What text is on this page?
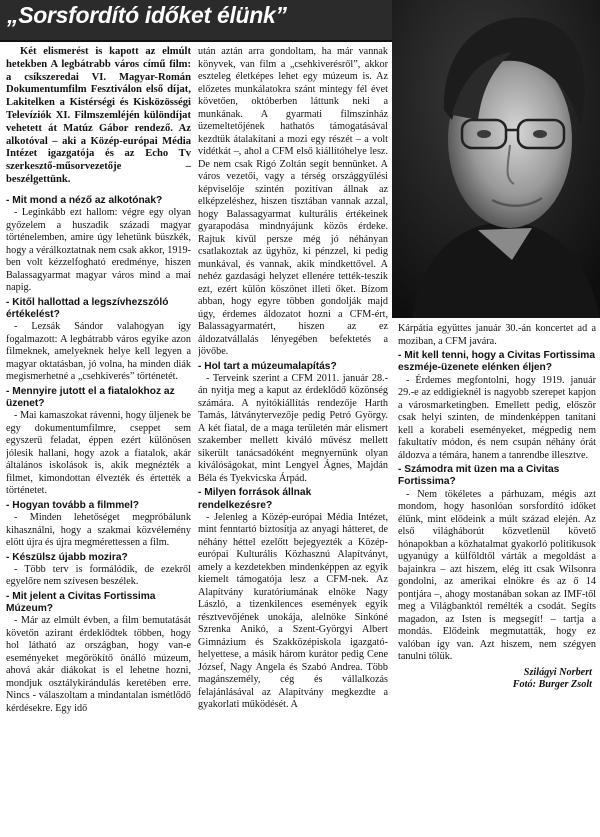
„Sorsfordító időket élünk”

Két elismerést is kapott az elmúlt hetekben A legbátrabb város című film: a csíkszeredai VI. Magyar-Román Dokumentumfilm Fesztiválon első díjat, Lakitelken a Kistérségi és Kisközösségi Televíziók XI. Filmszemléjén különdíjat vehetett át Matúz Gábor rendező. Az alkotóval – aki a Közép-európai Média Intézet igazgatója és az Echo Tv szerkesztő-műsorvezetője – beszélgettünk.

- Mit mond a néző az alkotónak?

- Leginkább ezt hallom: végre egy olyan győzelem a huszadik századi magyar történelemben, amire úgy lehetünk büszkék, hogy a vérálkoztatnak nem csak akkor, 1919-ben volt kézzelfogható eredménye, hiszen Balassagyarmat magyar város mind a mai napig.

- Kitől hallottad a legszívhezszóló értékelést?

- Lezsák Sándor valahogyan így fogalmazott: A legbátrabb város egyike azon filmeknek, amelyeknek helye kell legyen a magyar oktatásban, jó volna, ha minden diák megismerhetné a „csehkiverés” történetét.

- Mennyire jutott el a fiatalokhoz az üzenet?

- Mai kamaszokat rávenni, hogy üljenek be egy dokumentumfilmre, cseppet sem egyszerű feladat, éppen ezért különösen jólesik hallani, hogy azok a fiatalok, akár általános iskolások is, akik megnézték a filmet, kimondottan élvezték és értették a történetet.

- Hogyan tovább a filmmel?

- Minden lehetőséget megpróbálunk kihasználni, hogy a szakmai közvélemény elött újra és újra megmérettessen a film.

- Készülsz újabb mozira?

- Több terv is formálódik, de ezekről egyelőre nem szívesen beszélek.

- Mit jelent a Civitas Fortissima Múzeum?

- Már az elmúlt évben, a film bemutatását követőn azirant érdeklődtek többen, hogy hol látható az országban, hogy van-e eseményeket megörökítő önálló múzeum, ahová akár diákokat is el lehetne hozni, mondjuk osztálykirándulás keretében erre. Nincs - válaszoltam a mindantalan ismétlődő kérdésekre. Egy idő

után aztán arra gondoltam, ha már vannak könyvek, van film a „csehkiverésről”, akkor eszteleg életképes lehet egy múzeum is. Az előzetes munkálatokra szánt mintegy fél évet követően, októberben láttunk neki a munkának. A gyarmati filmszínház üzemeltetőjének hathatós támogatásával kezdtük átalakítani a mozi egy részét – a volt vidétkát –, ahol a CFM első kiállítóhelye lesz. De nem csak Rigó Zoltán segít bennünket. A város vezetői, vagy a térség országgyűlési képviselője szintén pozitívan állnak az elképzeléshez, hiszen tisztában vannak azzal, hogy Balassagyarmat kulturális értékeinek gyarapodása mindnyájunk közös érdeke. Rajtuk kívül persze még jó néhányan csatlakoztak az ügyhöz, ki pénzzel, ki pedig munkával, és vannak, akik mindkettővel. A nehéz gazdasági helyzet ellenére tették-teszik ezt, ezért külön köszönet illeti őket. Bízom abban, hogy egyre többen gondolják majd úgy, érdemes áldozatot hozni a CFM-ért, Balassagyarmatért, hiszen az ez áldozatvállalás lényegében befektetés a jövőbe.

- Hol tart a múzeumalapítás?

- Terveink szerint a CFM 2011. január 28.-án nyitja meg a kaput az érdeklődő közönség számára. A nyitókiállítás rendezője Harth Tamás, látványtervezője pedig Petró György. A két fiatal, de a maga területén már elismert szakember mellett kiváló művész mellett sikerült tanácsadóként megnyernünk olyan kiválóságokat, mint Lengyel Ágnes, Majdán Béla és Tyekvicska Árpád.

- Milyen források állnak rendelkezésre?

- Jelenleg a Közép-európai Média Intézet, mint fenntartó biztosítja az anyagi hátteret, de néhány héttel ezelőtt bejegyezték a Közép-európai Kulturális Közhasznú Alapítványt, amely a kezdetekben mindenképpen az egyik kiemelt támogatója lesz a CFM-nek. Az Alapítvány kuratóriumának elnöke Nagy László, a tizenkilences események egyik résztvevőjének unokája, alelnöke Sinkóné Szrenka Anikó, a Szent-Györgyi Albert Gimnázium és Szakközépiskola igazgató-helyettese, a másik három kurátor pedig Cene József, Nagy Angela és Szabó Andrea. Több magánszemély, cég és vállalkozás felajánlásával az Alapítvány megkezdte a gyakorlati működését. A

Kárpátia együttes január 30.-án koncertet ad a moziban, a CFM javára.

- Mit kell tenni, hogy a Civitas Fortissima eszméje-üzenete elénken éljen?

- Érdemes megfontolni, hogy 1919. január 29.-e az eddigieknél is nagyobb szerepet kapjon a városmarketingben. Emellett pedig, először csak helyi szinten, de mindenképpen tanítani kell a korabeli eseményeket, mégpedig nem fakultatív módon, és nem csupán néhány órát áldozva a témára, hanem a tanrendbe illesztve.

- Számodra mit üzen ma a Civitas Fortissima?

- Nem tökéletes a párhuzam, mégis azt mondom, hogy hasonlóan sorsfordító időket élünk, mint elődeink a múlt század elején. Az első világháborút közvetlenül követő hónapokban a közhatalmat gyakorló politikusok ugyanúgy a külföldtől várták a megoldást a bajainkra – azt hiszem, elég itt csak Wilsonra gondolni, az amerikai elnökre és az ő 14 pontjára –, ahogy mostanában sokan az IMF-től meg a Világbanktól remélték a csodát. Segíts magadon, az Isten is megsegít! – tartja a mondás. Elődeink megmutatták, hogy ez valóban így van. Azt hiszem, nem szégyen tanulni tőlük.

Szilágyi Norbert

Fotó: Burger Zsolt
